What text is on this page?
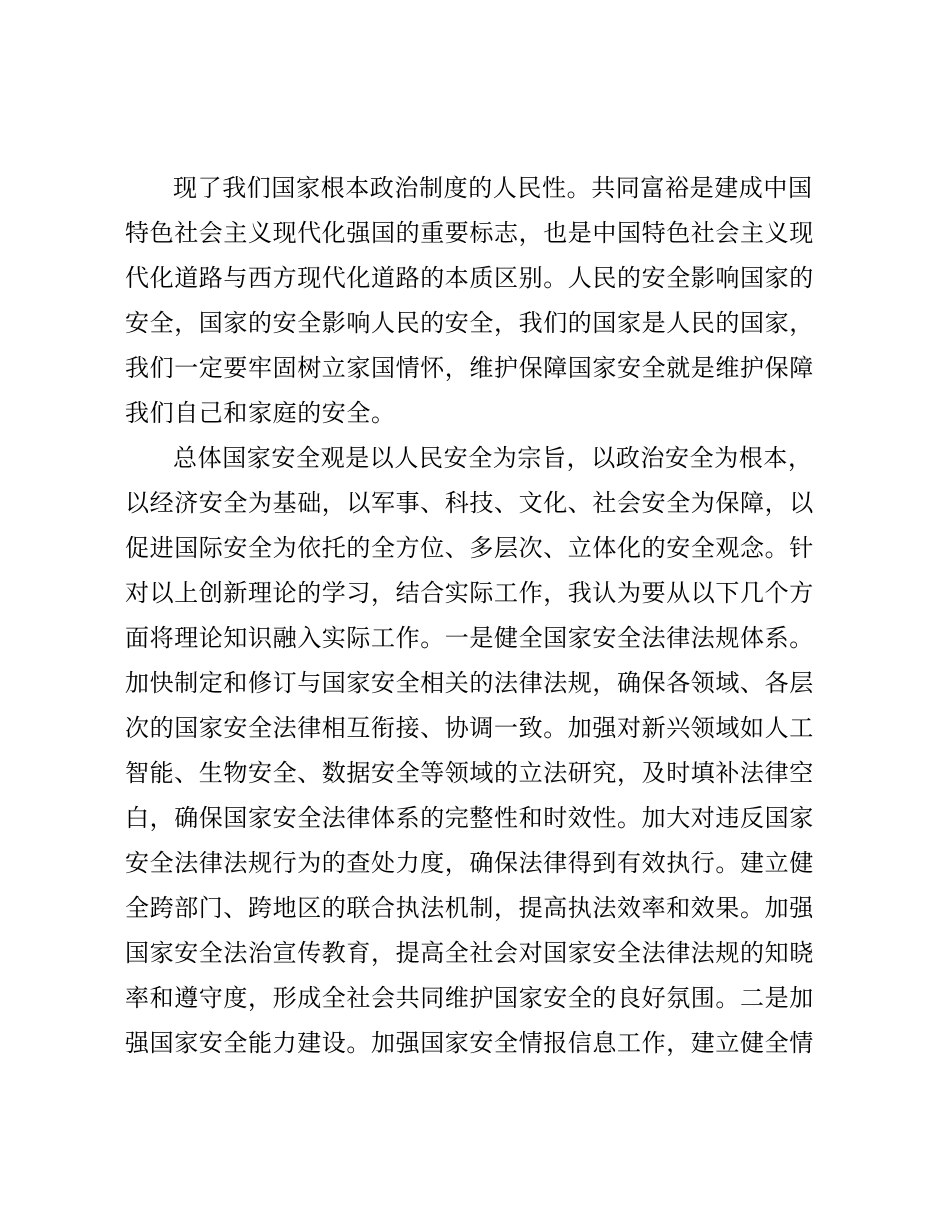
现了我们国家根本政治制度的人民性。共同富裕是建成中国
特色社会主义现代化强国的重要标志，也是中国特色社会主义现
代化道路与西方现代化道路的本质区别。人民的安全影响国家的
安全，国家的安全影响人民的安全，我们的国家是人民的国家，
我们一定要牢固树立家国情怀，维护保障国家安全就是维护保障
我们自己和家庭的安全。
总体国家安全观是以人民安全为宗旨，以政治安全为根本，
以经济安全为基础，以军事、科技、文化、社会安全为保障，以
促进国际安全为依托的全方位、多层次、立体化的安全观念。针
对以上创新理论的学习，结合实际工作，我认为要从以下几个方
面将理论知识融入实际工作。一是健全国家安全法律法规体系。
加快制定和修订与国家安全相关的法律法规，确保各领域、各层
次的国家安全法律相互衔接、协调一致。加强对新兴领域如人工
智能、生物安全、数据安全等领域的立法研究，及时填补法律空
白，确保国家安全法律体系的完整性和时效性。加大对违反国家
安全法律法规行为的查处力度，确保法律得到有效执行。建立健
全跨部门、跨地区的联合执法机制，提高执法效率和效果。加强
国家安全法治宣传教育，提高全社会对国家安全法律法规的知晓
率和遵守度，形成全社会共同维护国家安全的良好氛围。二是加
强国家安全能力建设。加强国家安全情报信息工作，建立健全情
